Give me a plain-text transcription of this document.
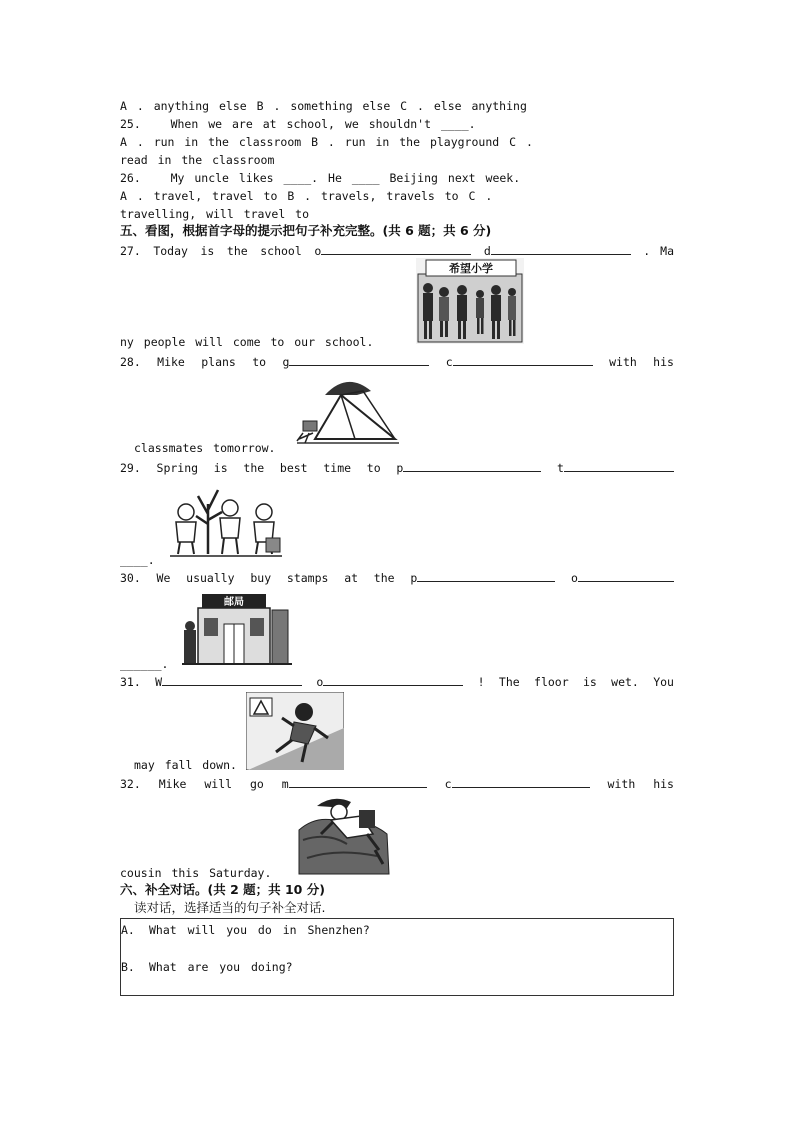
A . anything else B . something else C . else anything
25.	When we are at school, we shouldn't ____.
A . run in the classroom B . run in the playground C .
read in the classroom
26.	My uncle likes ____. He ____ Beijing next week.
A . travel, travel to B . travels, travels to C .
travelling, will travel to
五、看图，根据首字母的提示把句子补充完整。(共 6 题；共 6 分)
27. Today is the school o	d	. Ma
希望小学
ny people will come to our school.
28. Mike plans to g	c	with his
classmates tomorrow.
29. Spring is the best time to p	t
____.
30. We usually buy stamps at the p	o
邮局
______.
31. W	o	! The floor is wet. You
may fall down.
32. Mike will go m	c	with his
cousin this Saturday.
六、补全对话。(共 2 题；共 10 分)
读对话，选择适当的句子补全对话.
A. What will you do in Shenzhen?
B. What are you doing?
